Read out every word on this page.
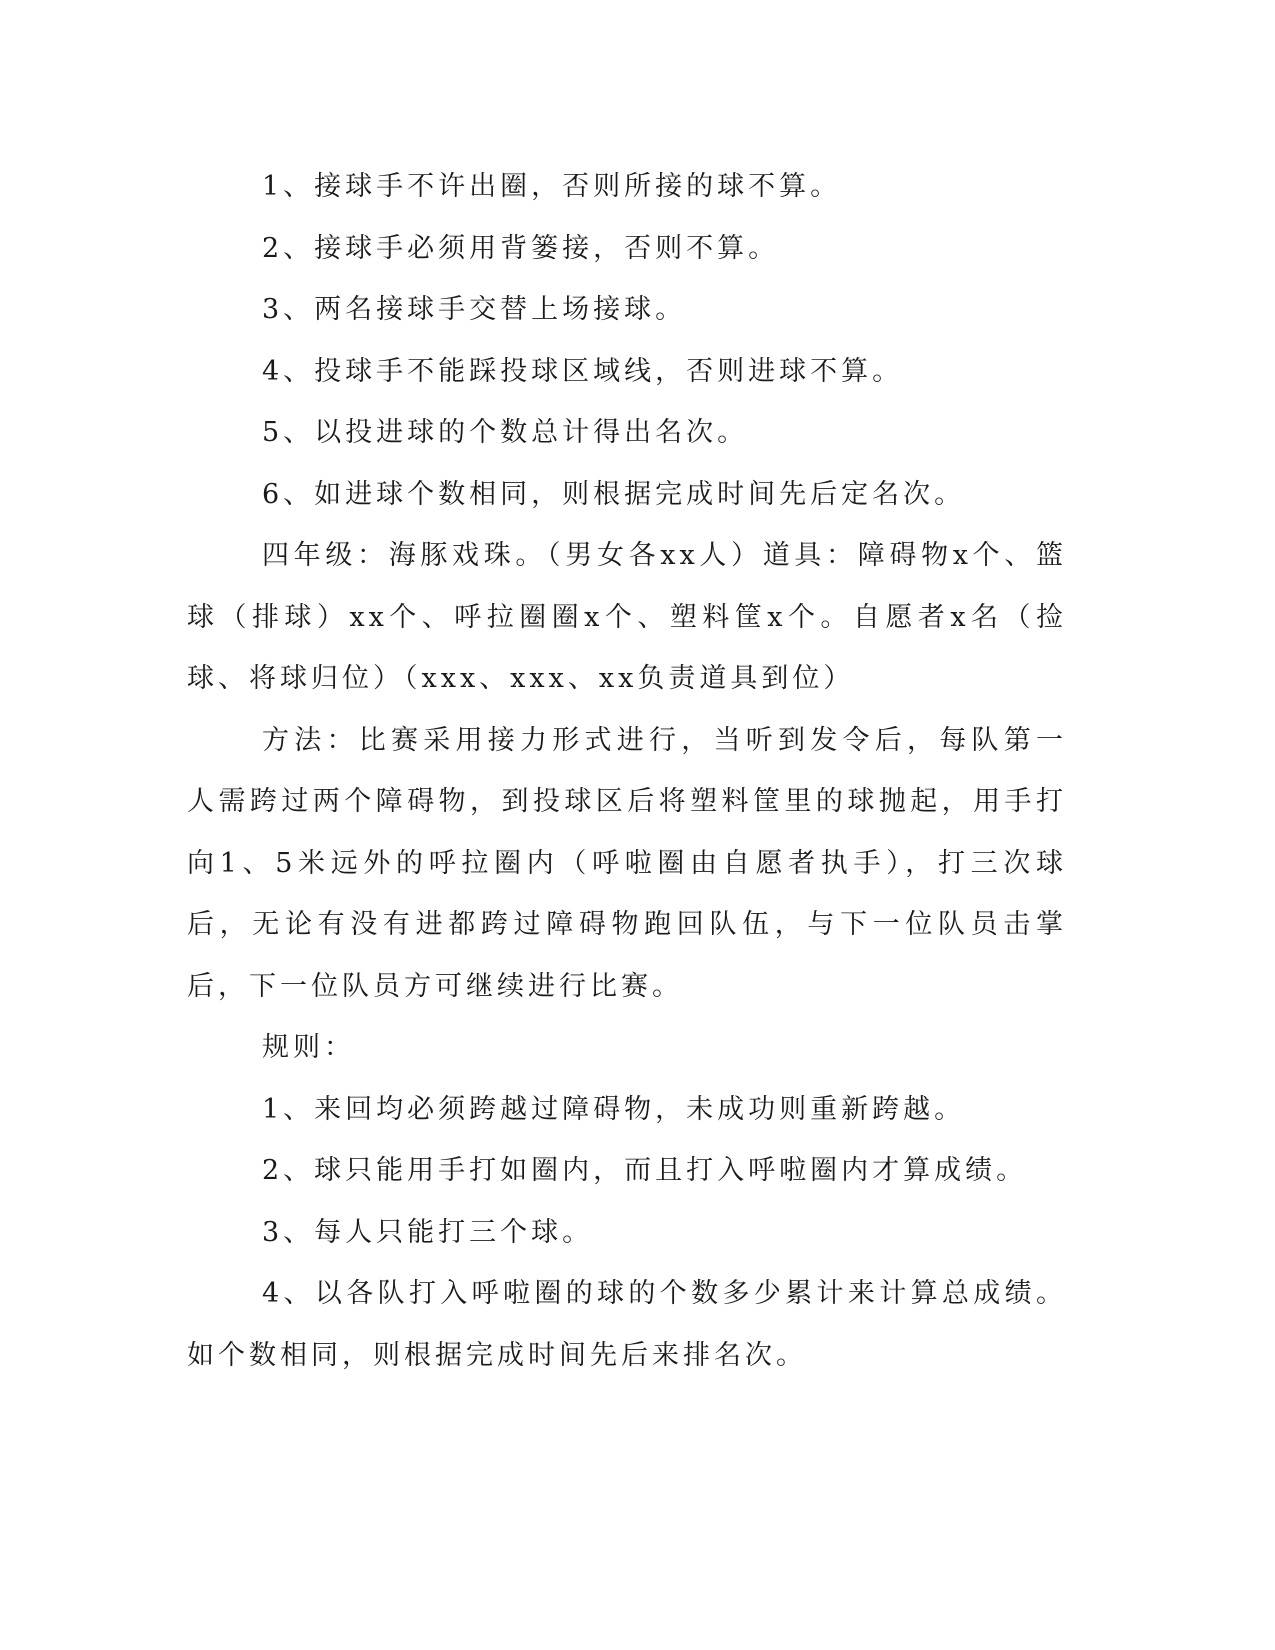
1、接球手不许出圈，否则所接的球不算。

2、接球手必须用背篓接，否则不算。

3、两名接球手交替上场接球。

4、投球手不能踩投球区域线，否则进球不算。

5、以投进球的个数总计得出名次。

6、如进球个数相同，则根据完成时间先后定名次。

四年级：海豚戏珠。（男女各xx人）道具：障碍物x个、篮球（排球）xx个、呼拉圈圈x个、塑料筐x个。自愿者x名（捡球、将球归位）（xxx、xxx、xx负责道具到位）

方法：比赛采用接力形式进行，当听到发令后，每队第一人需跨过两个障碍物，到投球区后将塑料筐里的球抛起，用手打向1、5米远外的呼拉圈内（呼啦圈由自愿者执手），打三次球后，无论有没有进都跨过障碍物跑回队伍，与下一位队员击掌后，下一位队员方可继续进行比赛。

规则：

1、来回均必须跨越过障碍物，未成功则重新跨越。

2、球只能用手打如圈内，而且打入呼啦圈内才算成绩。

3、每人只能打三个球。

4、以各队打入呼啦圈的球的个数多少累计来计算总成绩。如个数相同，则根据完成时间先后来排名次。
